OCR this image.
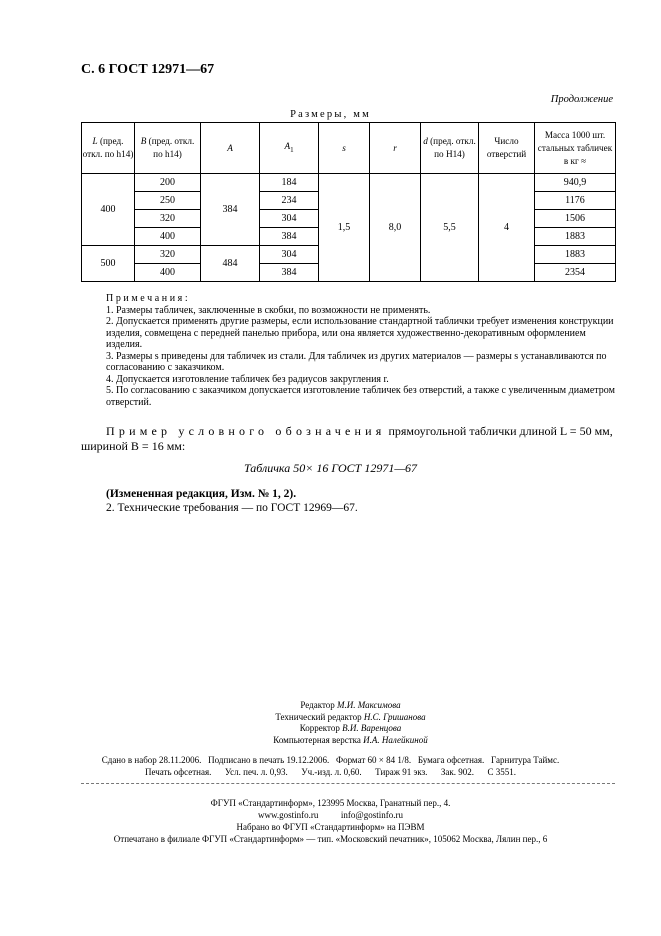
С. 6 ГОСТ 12971—67
Продолжение
Размеры, мм
L (пред. откл. по h14)	B (пред. откл. по h14)	A	$A_1$	s	r	d (пред. откл. по H14)	Число отверстий	Масса 1000 шт. стальных табличек в кг ≈
400	200	384	184	1,5	8,0	5,5	4	940,9
	250		234					1176
	320		304					1506
	400		384					1883
500	320	484	304					1883
	400		384					2354
Примечания:

1. Размеры табличек, заключенные в скобки, по возможности не применять.

2. Допускается применять другие размеры, если использование стандартной таблички требует изменения конструкции изделия, совмещена с передней панелью прибора, или она является художественно-декоративным оформлением изделия.

3. Размеры s приведены для табличек из стали. Для табличек из других материалов — размеры s устанавливаются по согласованию с заказчиком.

4. Допускается изготовление табличек без радиусов закругления r.

5. По согласованию с заказчиком допускается изготовление табличек без отверстий, а также с увеличенным диаметром отверстий.

Пример условного обозначения прямоугольной таблички длиной L = 50 мм, шириной B = 16 мм:
Табличка 50× 16 ГОСТ 12971—67
(Измененная редакция, Изм. № 1, 2).
2. Технические требования — по ГОСТ 12969—67.
Редактор М.И. Максимова
Технический редактор Н.С. Гришанова
Корректор В.И. Варенцова
Компьютерная верстка И.А. Налейкиной
Сдано в набор 28.11.2006.   Подписано в печать 19.12.2006.   Формат 60 × 84 1/8.   Бумага офсетная.   Гарнитура Таймс.
Печать офсетная.      Усл. печ. л. 0,93.      Уч.-изд. л. 0,60.      Тираж 91 экз.      Зак. 902.      С 3551.
ФГУП «Стандартинформ», 123995 Москва, Гранатный пер., 4.
www.gostinfo.ru          info@gostinfo.ru
Набрано во ФГУП «Стандартинформ» на ПЭВМ
Отпечатано в филиале ФГУП «Стандартинформ» — тип. «Московский печатник», 105062 Москва, Лялин пер., 6
